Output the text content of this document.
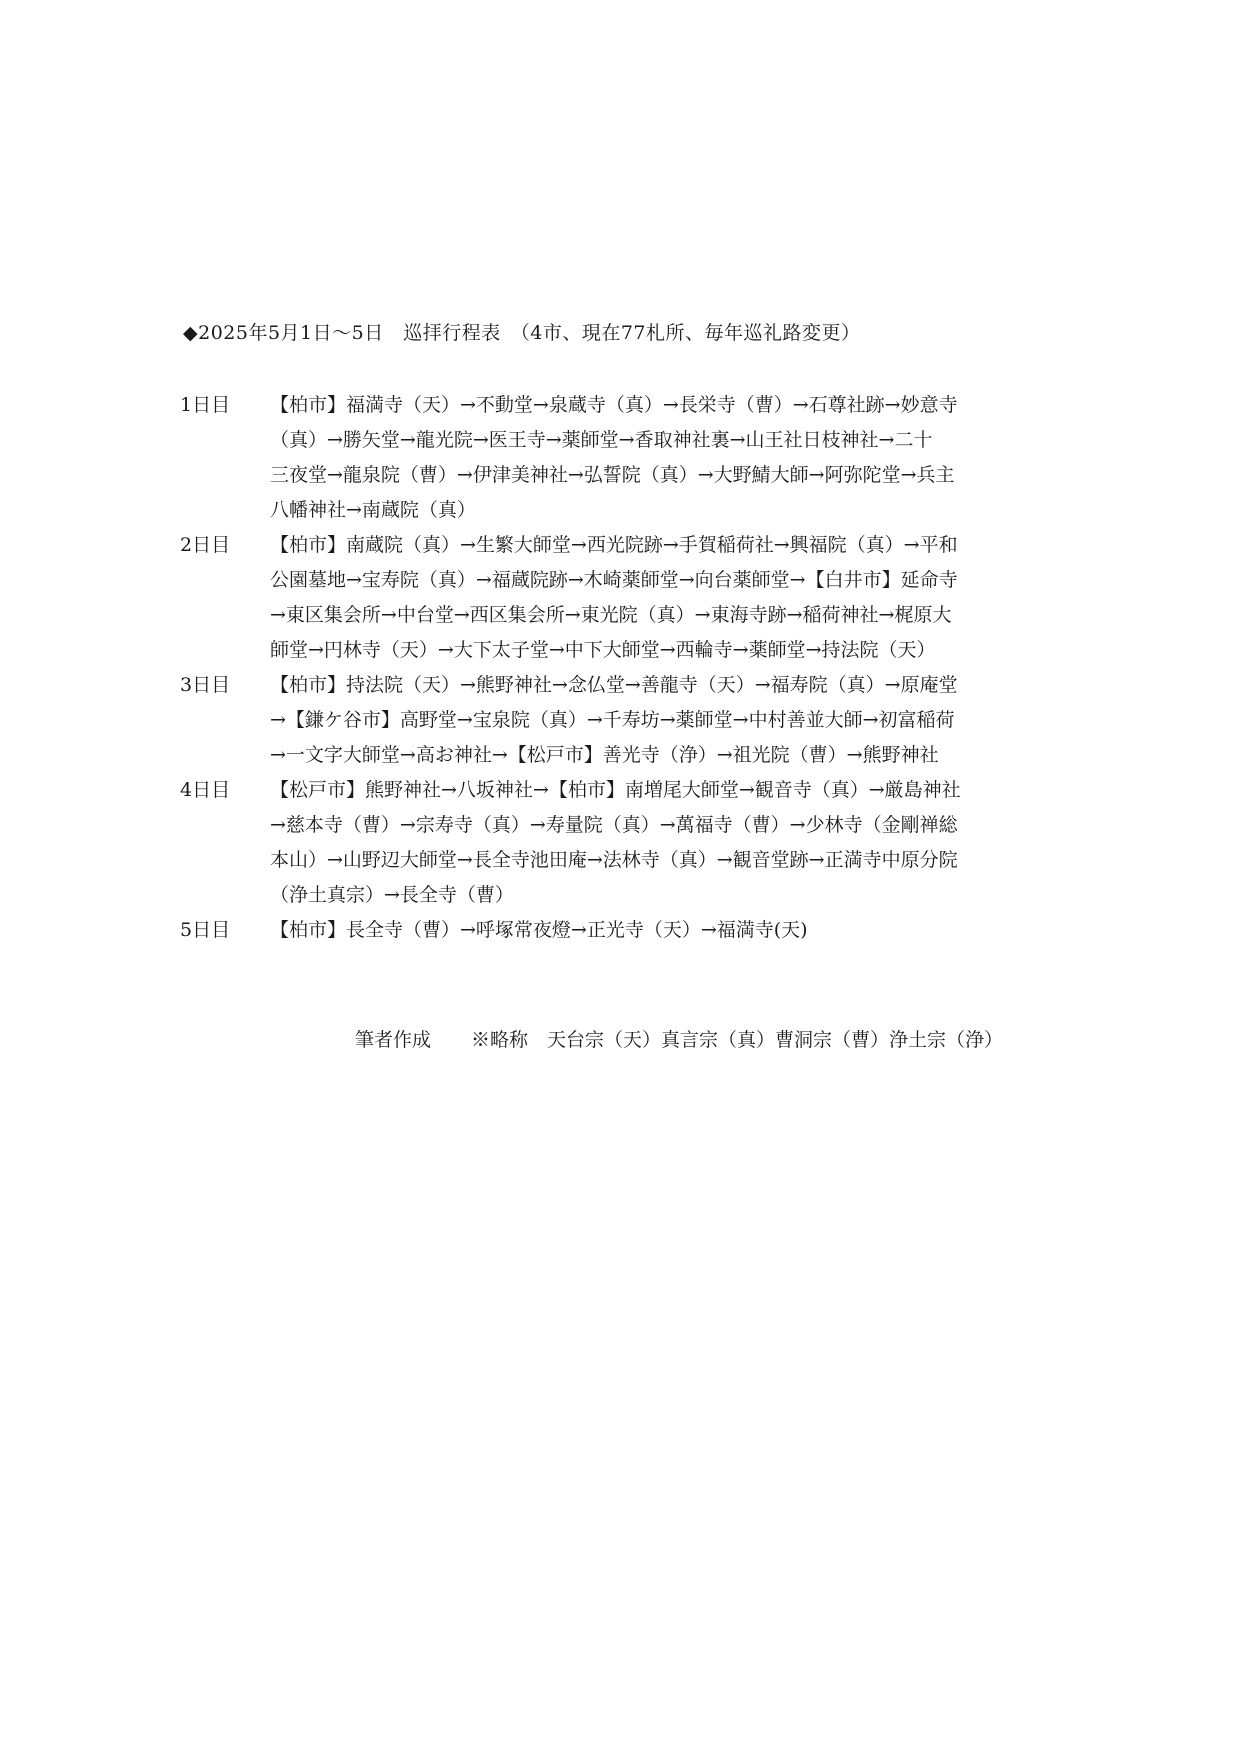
◆2025年5月1日～5日　巡拝行程表　（4市、現在77札所、毎年巡礼路変更）
1日目	【柏市】福満寺（天）→不動堂→泉蔵寺（真）→長栄寺（曹）→石尊社跡→妙意寺
（真）→勝矢堂→龍光院→医王寺→薬師堂→香取神社裏→山王社日枝神社→二十
三夜堂→龍泉院（曹）→伊津美神社→弘誓院（真）→大野鯖大師→阿弥陀堂→兵主
八幡神社→南蔵院（真）
2日目	【柏市】南蔵院（真）→生繁大師堂→西光院跡→手賀稲荷社→興福院（真）→平和
公園墓地→宝寿院（真）→福蔵院跡→木崎薬師堂→向台薬師堂→【白井市】延命寺
→東区集会所→中台堂→西区集会所→東光院（真）→東海寺跡→稲荷神社→梶原大
師堂→円林寺（天）→大下太子堂→中下大師堂→西輪寺→薬師堂→持法院（天）
3日目	【柏市】持法院（天）→熊野神社→念仏堂→善龍寺（天）→福寿院（真）→原庵堂
→【鎌ケ谷市】高野堂→宝泉院（真）→千寿坊→薬師堂→中村善並大師→初富稲荷
→一文字大師堂→高お神社→【松戸市】善光寺（浄）→祖光院（曹）→熊野神社
4日目	【松戸市】熊野神社→八坂神社→【柏市】南増尾大師堂→観音寺（真）→厳島神社
→慈本寺（曹）→宗寿寺（真）→寿量院（真）→萬福寺（曹）→少林寺（金剛禅総
本山）→山野辺大師堂→長全寺池田庵→法林寺（真）→観音堂跡→正満寺中原分院
（浄土真宗）→長全寺（曹）
5日目	【柏市】長全寺（曹）→呼塚常夜燈→正光寺（天）→福満寺(天)
筆者作成 ※略称　天台宗（天）真言宗（真）曹洞宗（曹）浄土宗（浄）
